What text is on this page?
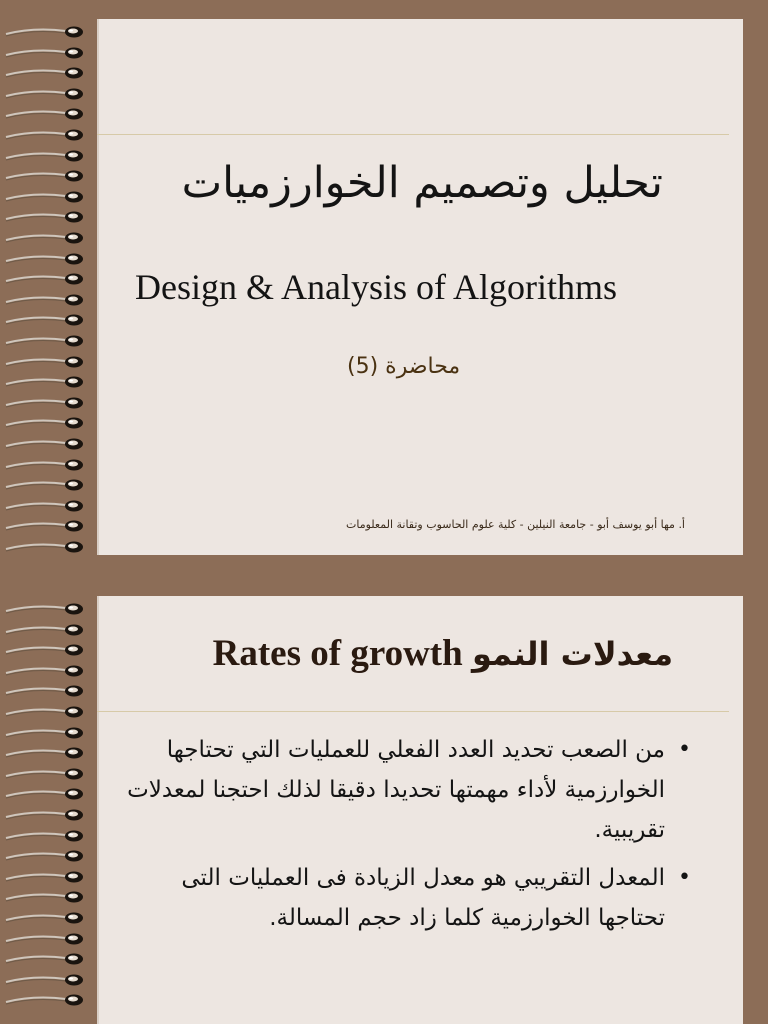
تحليل وتصميم الخوارزميات
Design & Analysis of Algorithms
محاضرة (5)
أ. مها أبو يوسف أبو - جامعة النيلين - كلية علوم الحاسوب وتقانة المعلومات
Rates of growth معدلات النمو
•
من الصعب تحديد العدد الفعلي للعمليات التي تحتاجها الخوارزمية لأداء مهمتها تحديدا دقيقا لذلك احتجنا لمعدلات تقريبية.
•
المعدل التقريبي هو معدل الزيادة فى العمليات التى تحتاجها الخوارزمية كلما زاد حجم المسالة.
